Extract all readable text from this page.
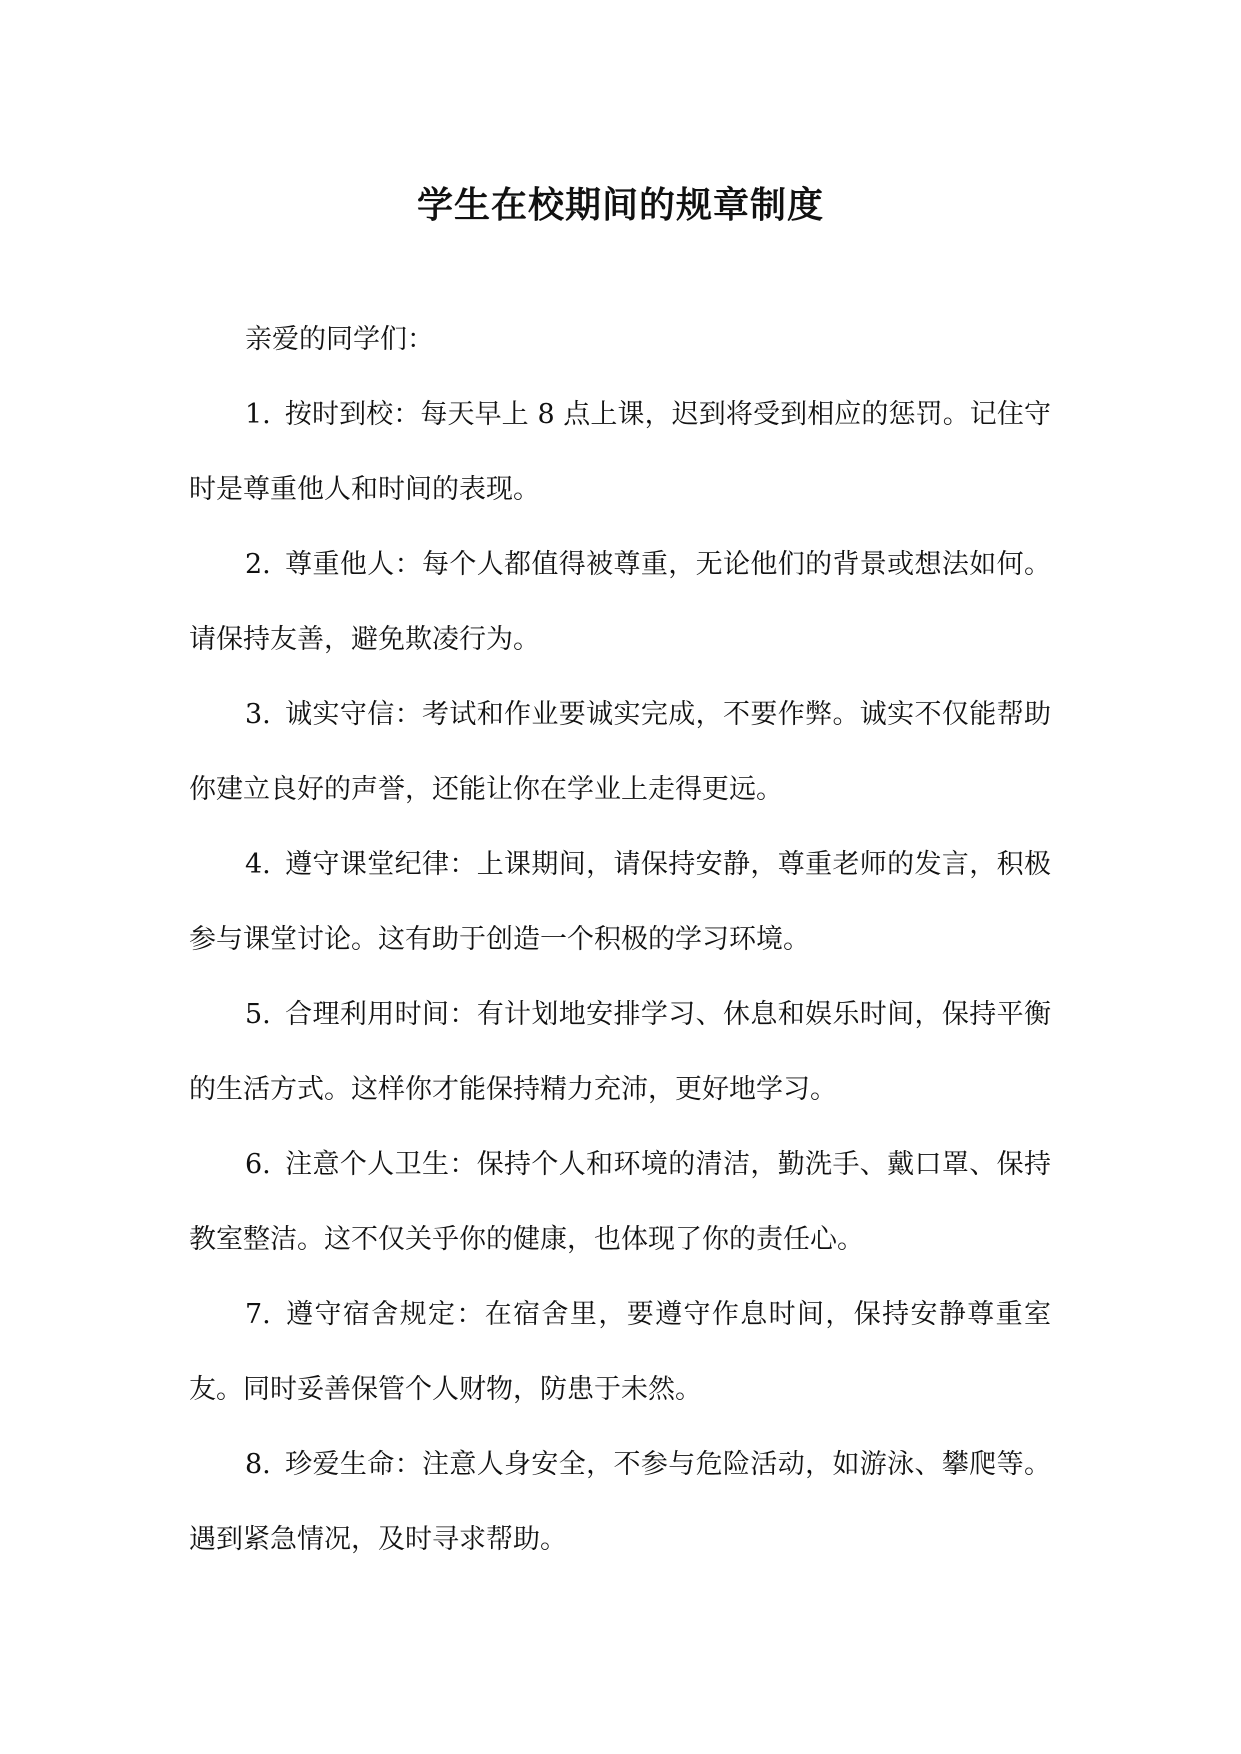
学生在校期间的规章制度

亲爱的同学们：

1. 按时到校：每天早上 8 点上课，迟到将受到相应的惩罚。记住守时是尊重他人和时间的表现。

2. 尊重他人：每个人都值得被尊重，无论他们的背景或想法如何。请保持友善，避免欺凌行为。

3. 诚实守信：考试和作业要诚实完成，不要作弊。诚实不仅能帮助你建立良好的声誉，还能让你在学业上走得更远。

4. 遵守课堂纪律：上课期间，请保持安静，尊重老师的发言，积极参与课堂讨论。这有助于创造一个积极的学习环境。

5. 合理利用时间：有计划地安排学习、休息和娱乐时间，保持平衡的生活方式。这样你才能保持精力充沛，更好地学习。

6. 注意个人卫生：保持个人和环境的清洁，勤洗手、戴口罩、保持教室整洁。这不仅关乎你的健康，也体现了你的责任心。

7. 遵守宿舍规定：在宿舍里，要遵守作息时间，保持安静尊重室友。同时妥善保管个人财物，防患于未然。

8. 珍爱生命：注意人身安全，不参与危险活动，如游泳、攀爬等。遇到紧急情况，及时寻求帮助。
